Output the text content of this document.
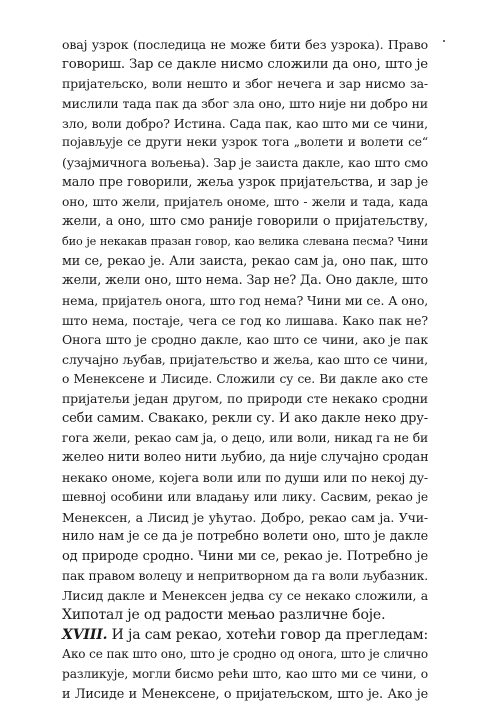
овај узрок (последица не може бити без узрока). Право
говориш. Зар се дакле нисмо сложили да оно, што је
пријатељско, воли нешто и због нечега и зар нисмо за-
мислили тада пак да због зла оно, што није ни добро ни
зло, воли добро? Истина. Сада пак, као што ми се чини,
појављује се други неки узрок тога „волети и волети се“
(узајмичнога вољења). Зар је заиста дакле, као што смо
мало пре говорили, жеља узрок пријатељства, и зар је
оно, што жели, пријатељ ономе, што - жели и тада, када
жели, а оно, што смо раније говорили о пријатељству,
био је некакав празан говор, као велика слевана песма? Чини
ми се, рекао је. Али заиста, рекао сам ја, оно пак, што
жели, жели оно, што нема. Зар не? Да. Оно дакле, што
нема, пријатељ онога, што год нема? Чини ми се. А оно,
што нема, постаје, чега се год ко лишава. Како пак не?
Онога што је сродно дакле, као што се чини, ако је пак
случајно љубав, пријатељство и жеља, као што се чини,
о Менексене и Лисиде. Сложили су се. Ви дакле ако сте
пријатељи један другом, по природи сте некако сродни
себи самим. Свакако, рекли су. И ако дакле неко дру-
гога жели, рекао сам ја, о децо, или воли, никад га не би
желео нити волео нити љубио, да није случајно сродан
некако ономе, којега воли или по души или по некој ду-
шевној особини или владању или лику. Сасвим, рекао је
Менексен, а Лисид је ућутао. Добро, рекао сам ја. Учи-
нило нам је се да је потребно волети оно, што је дакле
од природе сродно. Чини ми се, рекао је. Потребно је
пак правом волецу и непритворном да га воли љубазник.
Лисид дакле и Менексен једва су се некако сложили, а
Хипотал је од радости мењао различне боје.
XVIII. И ја сам рекао, хотећи говор да прегледам:
Ако се пак што оно, што је сродно од онога, што је слично
разликује, могли бисмо рећи што, као што ми се чини, о
и Лисиде и Менексене, о пријатељском, што је. Ако је
